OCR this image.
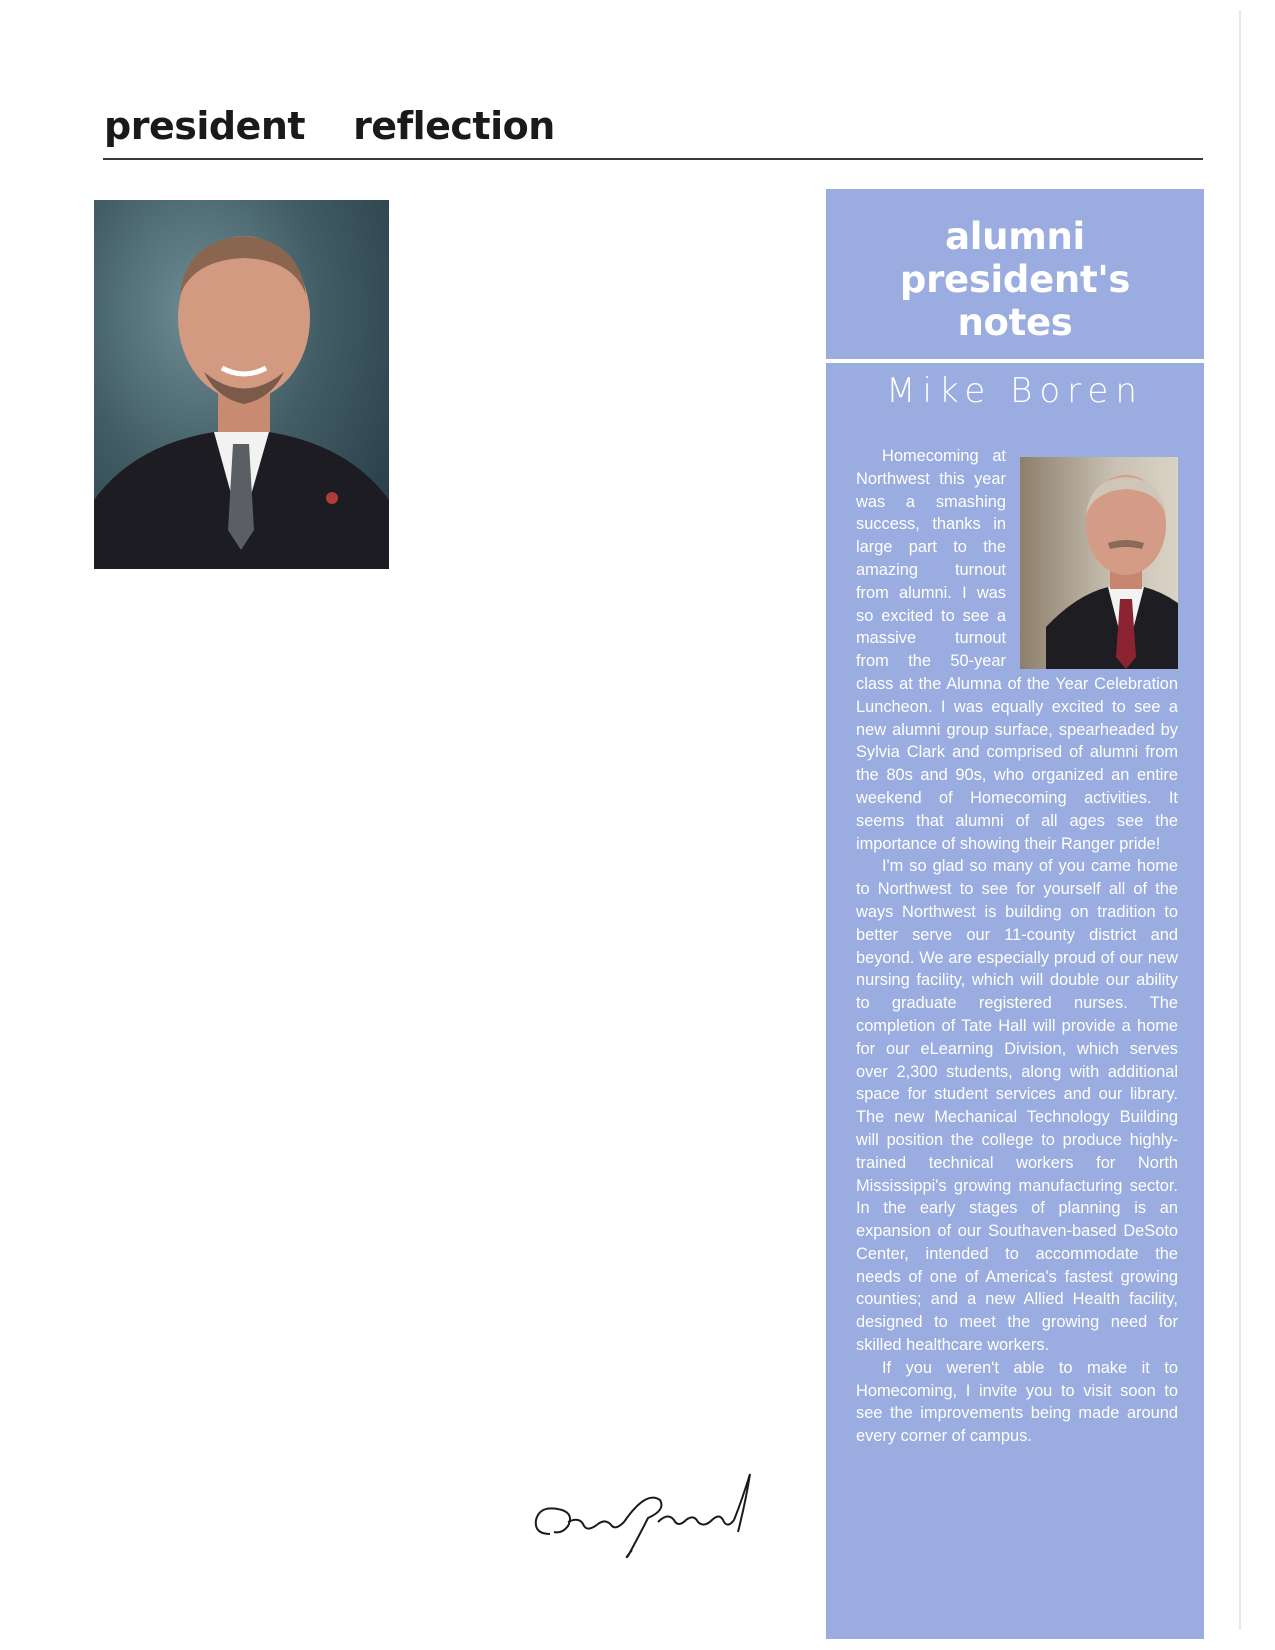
president reflection
alumni
president's
notes
Mike Boren

Homecoming at Northwest this year was a smashing success, thanks in large part to the amazing turnout from alumni. I was so excited to see a massive turnout from the 50-year class at the Alumna of the Year Celebration Luncheon. I was equally excited to see a new alumni group surface, spearheaded by Sylvia Clark and comprised of alumni from the 80s and 90s, who organized an entire weekend of Homecoming activities. It seems that alumni of all ages see the importance of showing their Ranger pride!

I'm so glad so many of you came home to Northwest to see for yourself all of the ways Northwest is building on tradition to better serve our 11-county district and beyond. We are especially proud of our new nursing facility, which will double our ability to graduate registered nurses. The completion of Tate Hall will provide a home for our eLearning Division, which serves over 2,300 students, along with additional space for student services and our library. The new Mechanical Technology Building will position the college to produce highly-trained technical workers for North Mississippi's growing manufacturing sector. In the early stages of planning is an expansion of our Southaven-based DeSoto Center, intended to accommodate the needs of one of America's fastest growing counties; and a new Allied Health facility, designed to meet the growing need for skilled healthcare workers.

If you weren't able to make it to Homecoming, I invite you to visit soon to see the improvements being made around every corner of campus.
